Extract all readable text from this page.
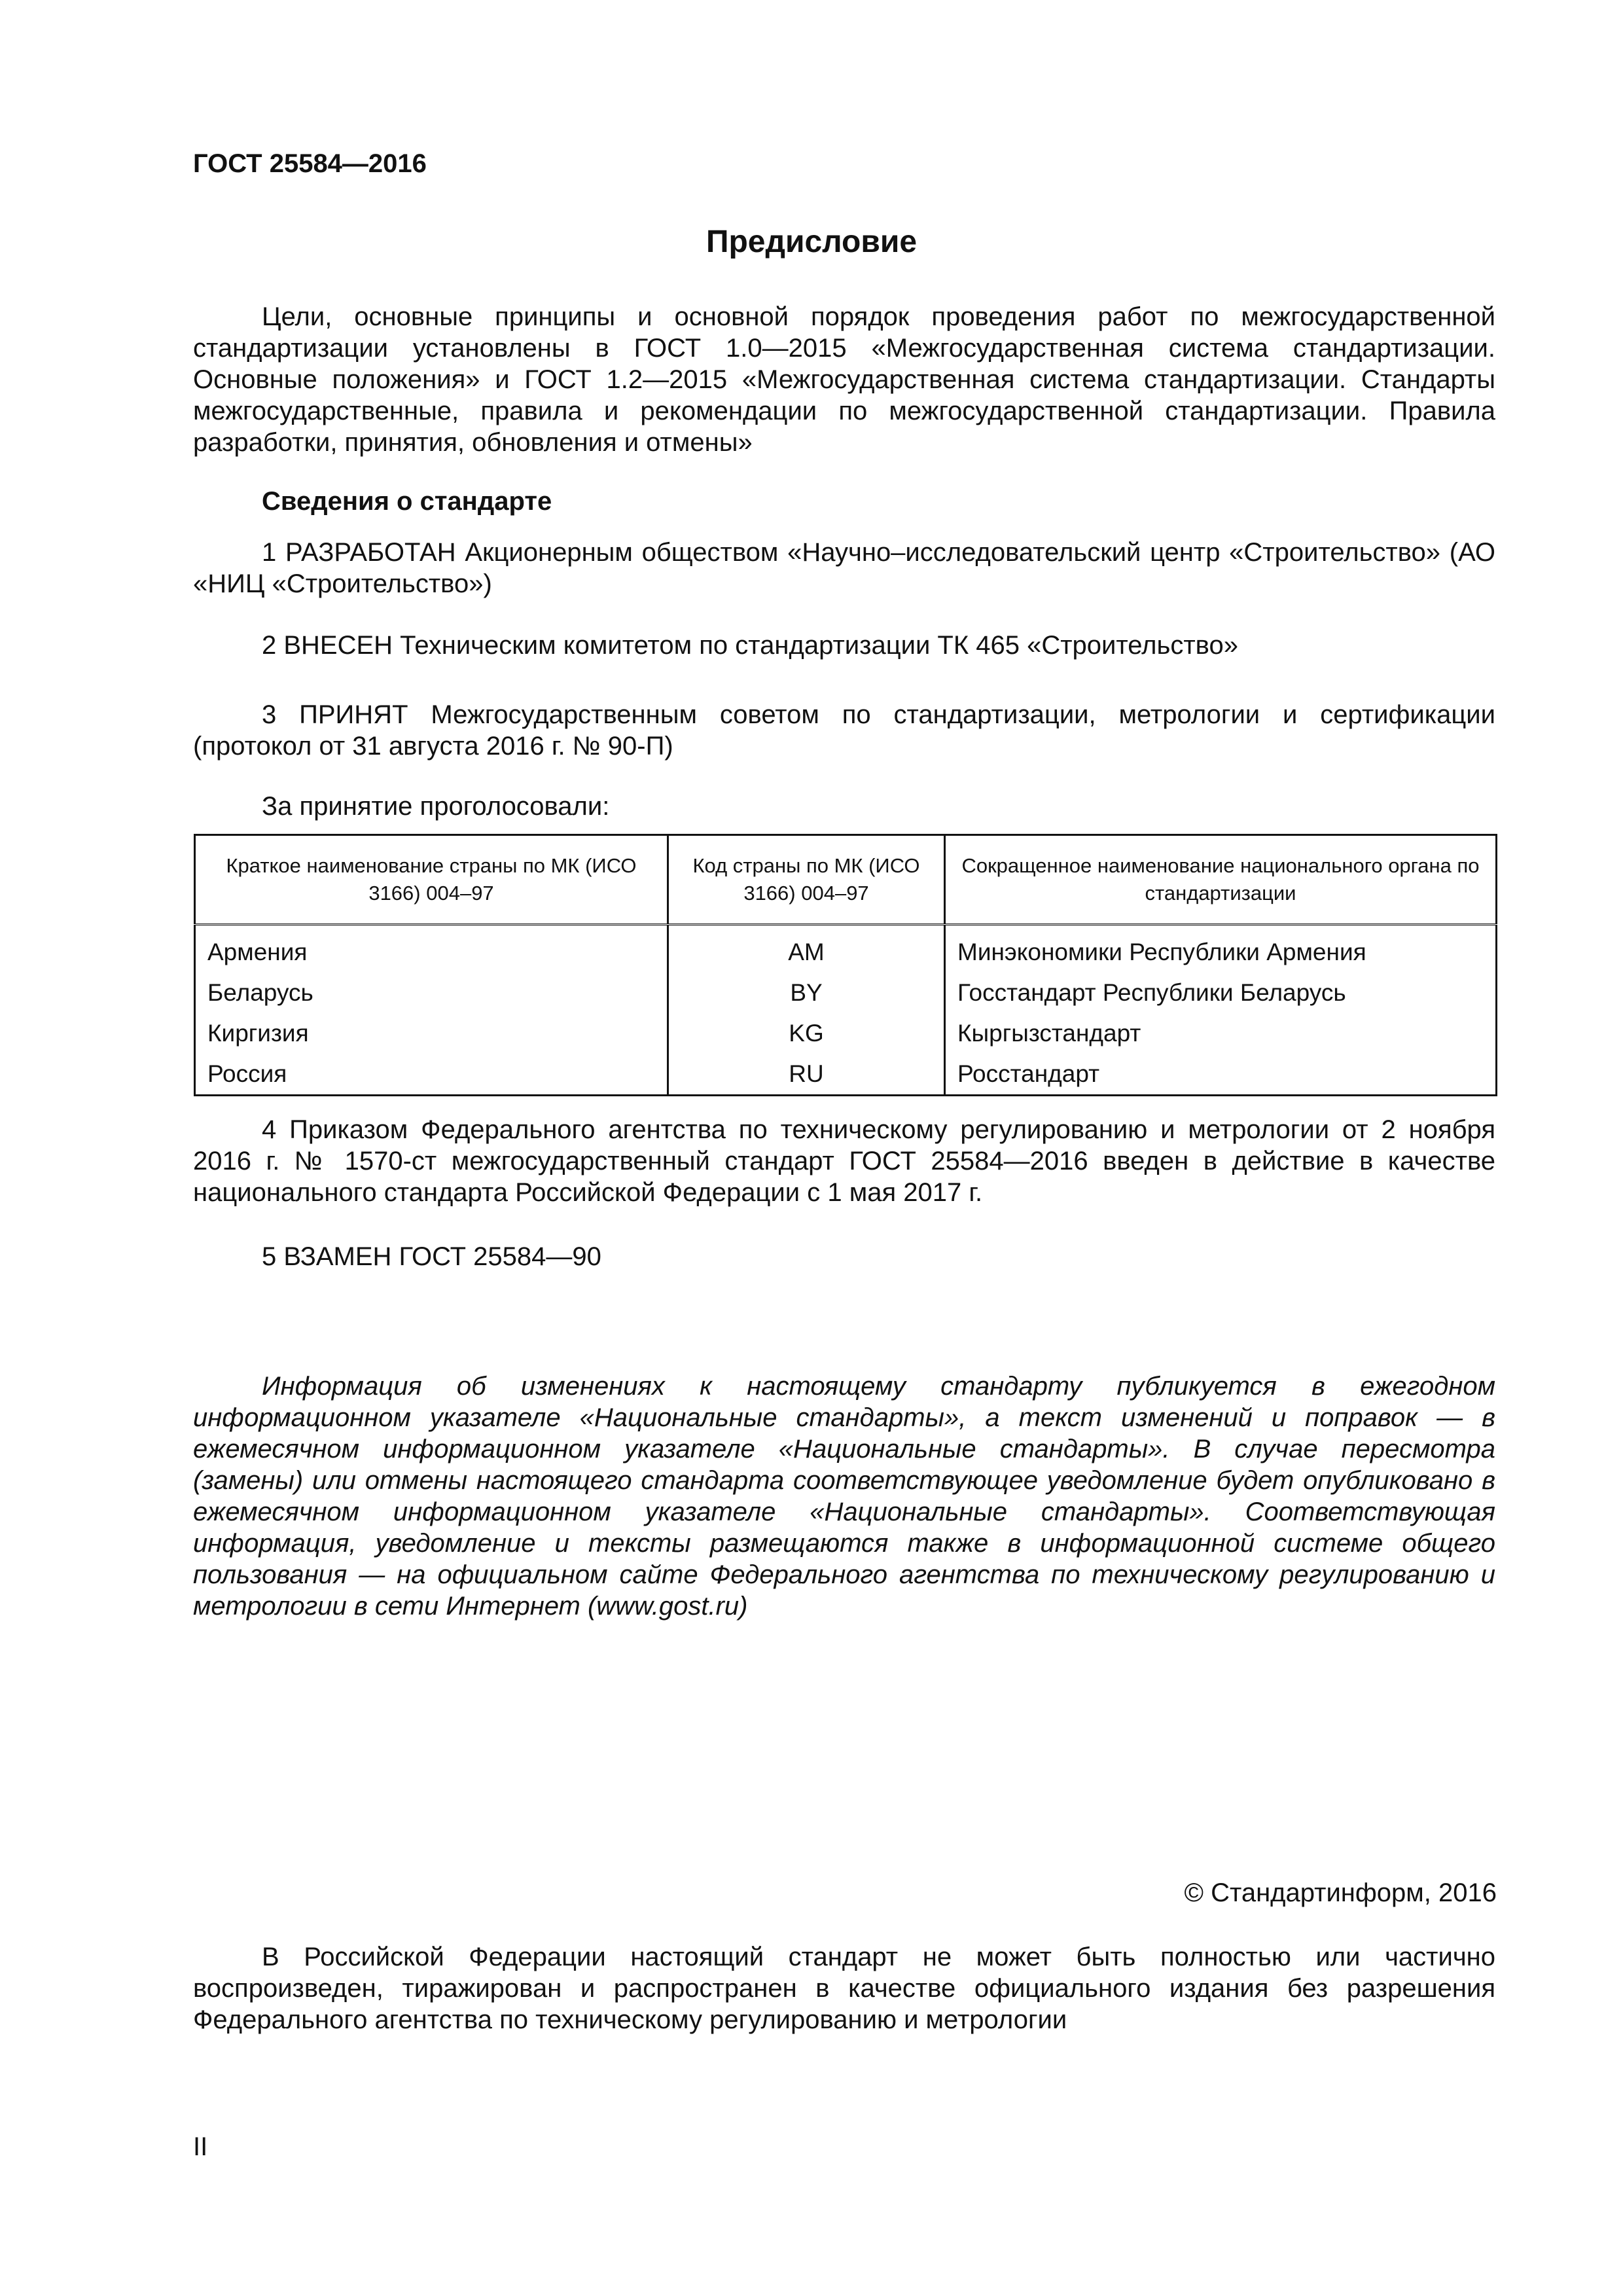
ГОСТ 25584—2016
Предисловие
Цели, основные принципы и основной порядок проведения работ по межгосударственной стандартизации установлены в ГОСТ 1.0—2015 «Межгосударственная система стандартизации. Основные положения» и ГОСТ 1.2—2015 «Межгосударственная система стандартизации. Стандарты межгосударственные, правила и рекомендации по межгосударственной стандартизации. Правила разработки, принятия, обновления и отмены»
Сведения о стандарте
1 РАЗРАБОТАН Акционерным обществом «Научно–исследовательский центр «Строительство» (АО «НИЦ «Строительство»)
2 ВНЕСЕН Техническим комитетом по стандартизации ТК 465 «Строительство»
3 ПРИНЯТ Межгосударственным советом по стандартизации, метрологии и сертификации (протокол от 31 августа 2016 г. № 90-П)
За принятие проголосовали:
Краткое наименование страны по МК (ИСО 3166) 004–97	Код страны по МК (ИСО 3166) 004–97	Сокращенное наименование национального органа по стандартизации
Армения	AM	Минэкономики Республики Армения
Беларусь	BY	Госстандарт Республики Беларусь
Киргизия	KG	Кыргызстандарт
Россия	RU	Росстандарт
4 Приказом Федерального агентства по техническому регулированию и метрологии от 2 ноября 2016 г. № 1570-ст межгосударственный стандарт ГОСТ 25584—2016 введен в действие в качестве национального стандарта Российской Федерации с 1 мая 2017 г.
5 ВЗАМЕН ГОСТ 25584—90
Информация об изменениях к настоящему стандарту публикуется в ежегодном информационном указателе «Национальные стандарты», а текст изменений и поправок — в ежемесячном информационном указателе «Национальные стандарты». В случае пересмотра (замены) или отмены настоящего стандарта соответствующее уведомление будет опубликовано в ежемесячном информационном указателе «Национальные стандарты». Соответствующая информация, уведомление и тексты размещаются также в информационной системе общего пользования — на официальном сайте Федерального агентства по техническому регулированию и метрологии в сети Интернет (www.gost.ru)
© Стандартинформ, 2016
В Российской Федерации настоящий стандарт не может быть полностью или частично воспроизведен, тиражирован и распространен в качестве официального издания без разрешения Федерального агентства по техническому регулированию и метрологии
II
